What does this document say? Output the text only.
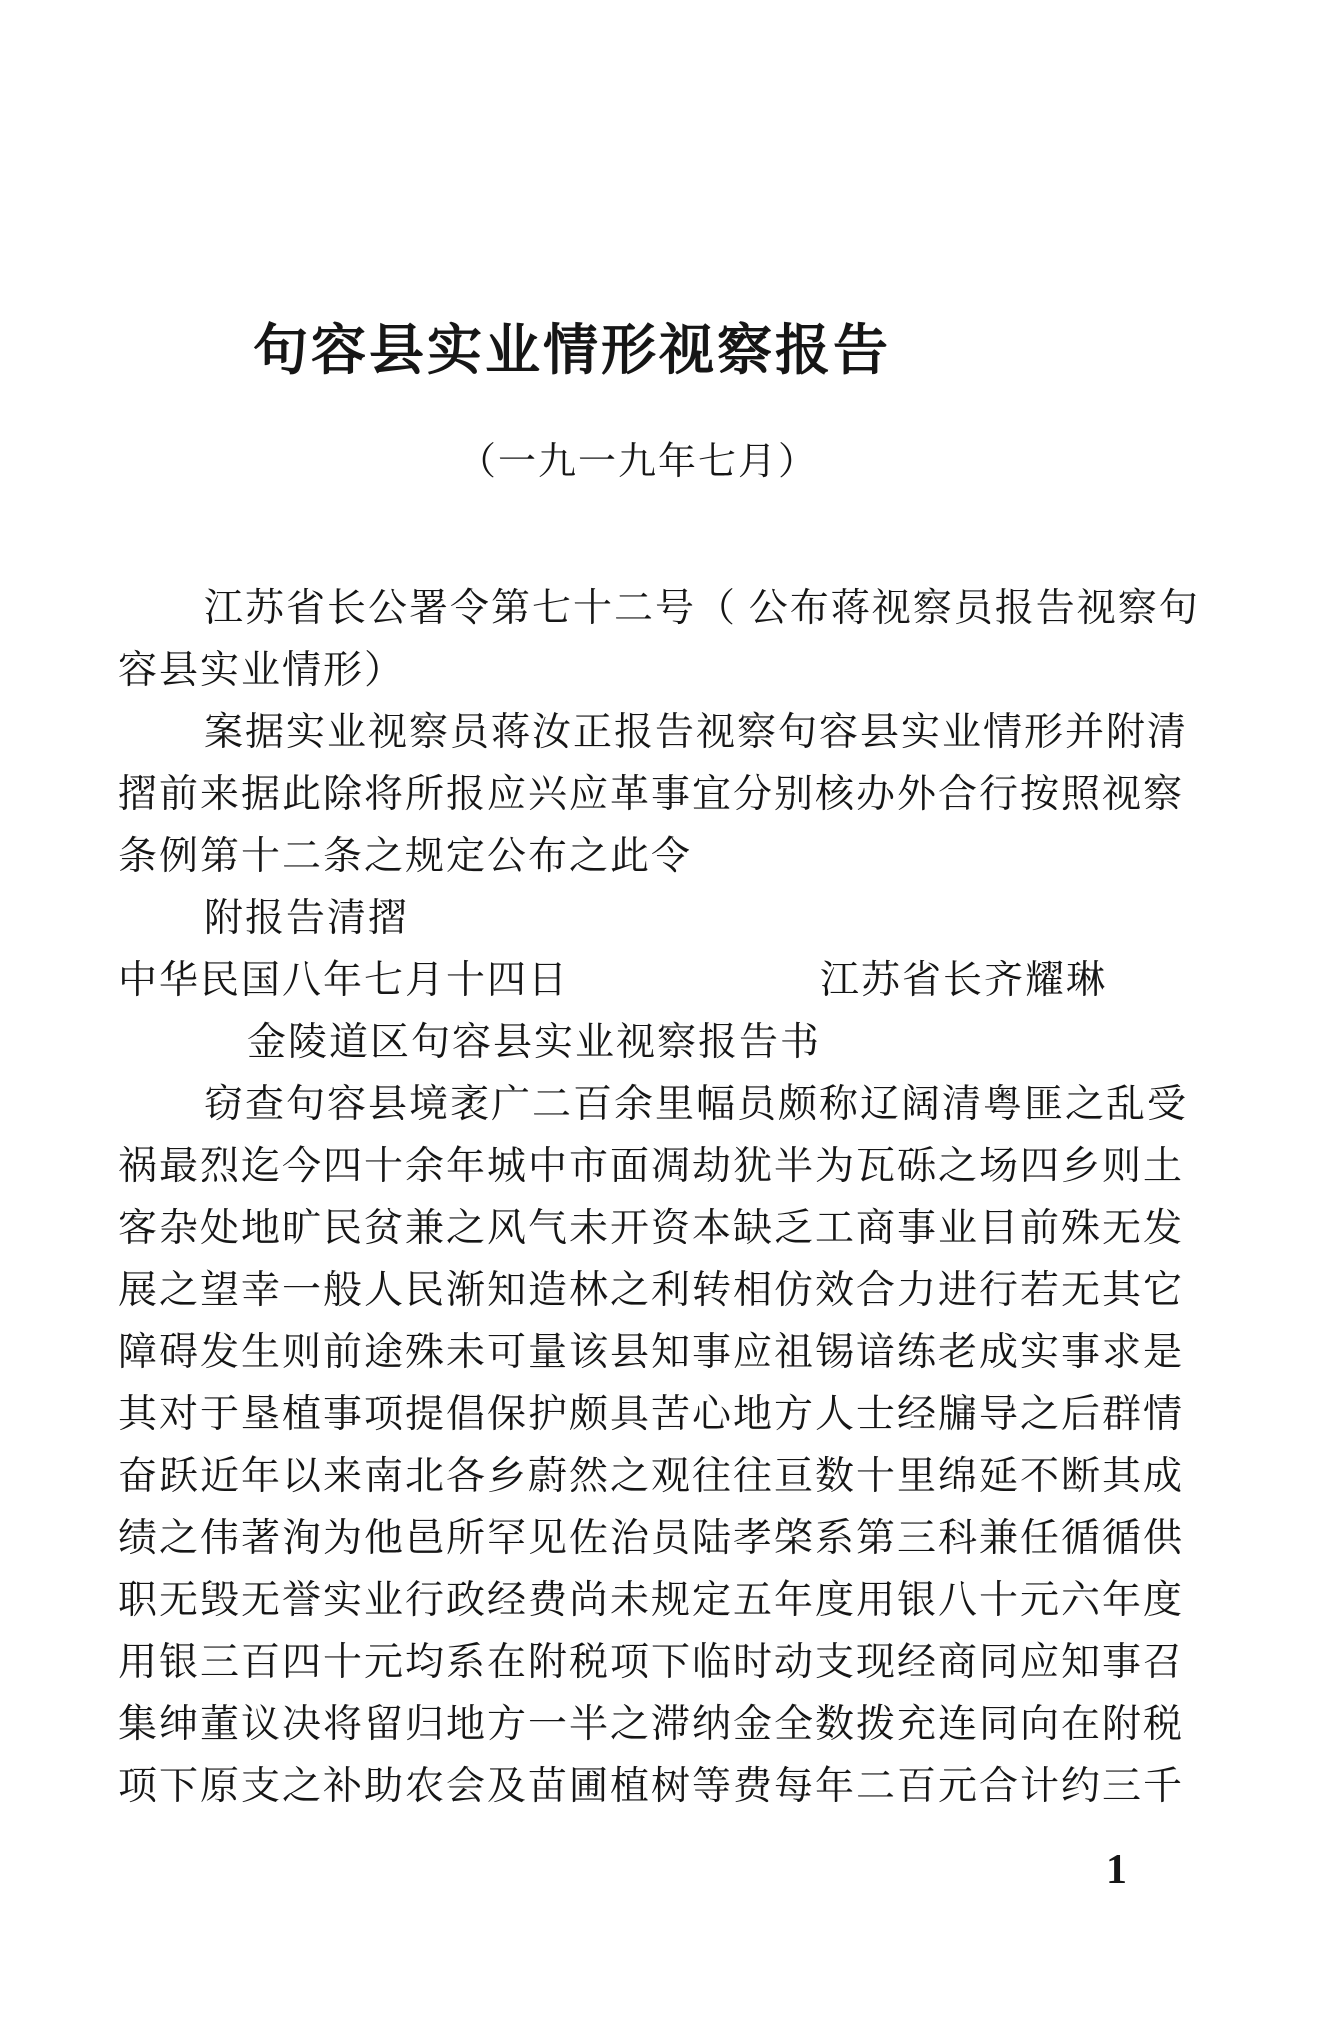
句容县实业情形视察报告
（一九一九年七月）
江苏省长公署令第七十二号（ 公布蒋视察员报告视察句
容县实业情形）
案据实业视察员蒋汝正报告视察句容县实业情形并附清
摺前来据此除将所报应兴应革事宜分别核办外合行按照视察
条例第十二条之规定公布之此令
附报告清摺
中华民国八年七月十四日	江苏省长齐耀琳
金陵道区句容县实业视察报告书
窃查句容县境袤广二百余里幅员颇称辽阔清粤匪之乱受
祸最烈迄今四十余年城中市面凋劫犹半为瓦砾之场四乡则土
客杂处地旷民贫兼之风气未开资本缺乏工商事业目前殊无发
展之望幸一般人民渐知造林之利转相仿效合力进行若无其它
障碍发生则前途殊未可量该县知事应祖锡谙练老成实事求是
其对于垦植事项提倡保护颇具苦心地方人士经牖导之后群情
奋跃近年以来南北各乡蔚然之观往往亘数十里绵延不断其成
绩之伟著洵为他邑所罕见佐治员陆孝棨系第三科兼任循循供
职无毁无誉实业行政经费尚未规定五年度用银八十元六年度
用银三百四十元均系在附税项下临时动支现经商同应知事召
集绅董议决将留归地方一半之滞纳金全数拨充连同向在附税
项下原支之补助农会及苗圃植树等费每年二百元合计约三千
1
